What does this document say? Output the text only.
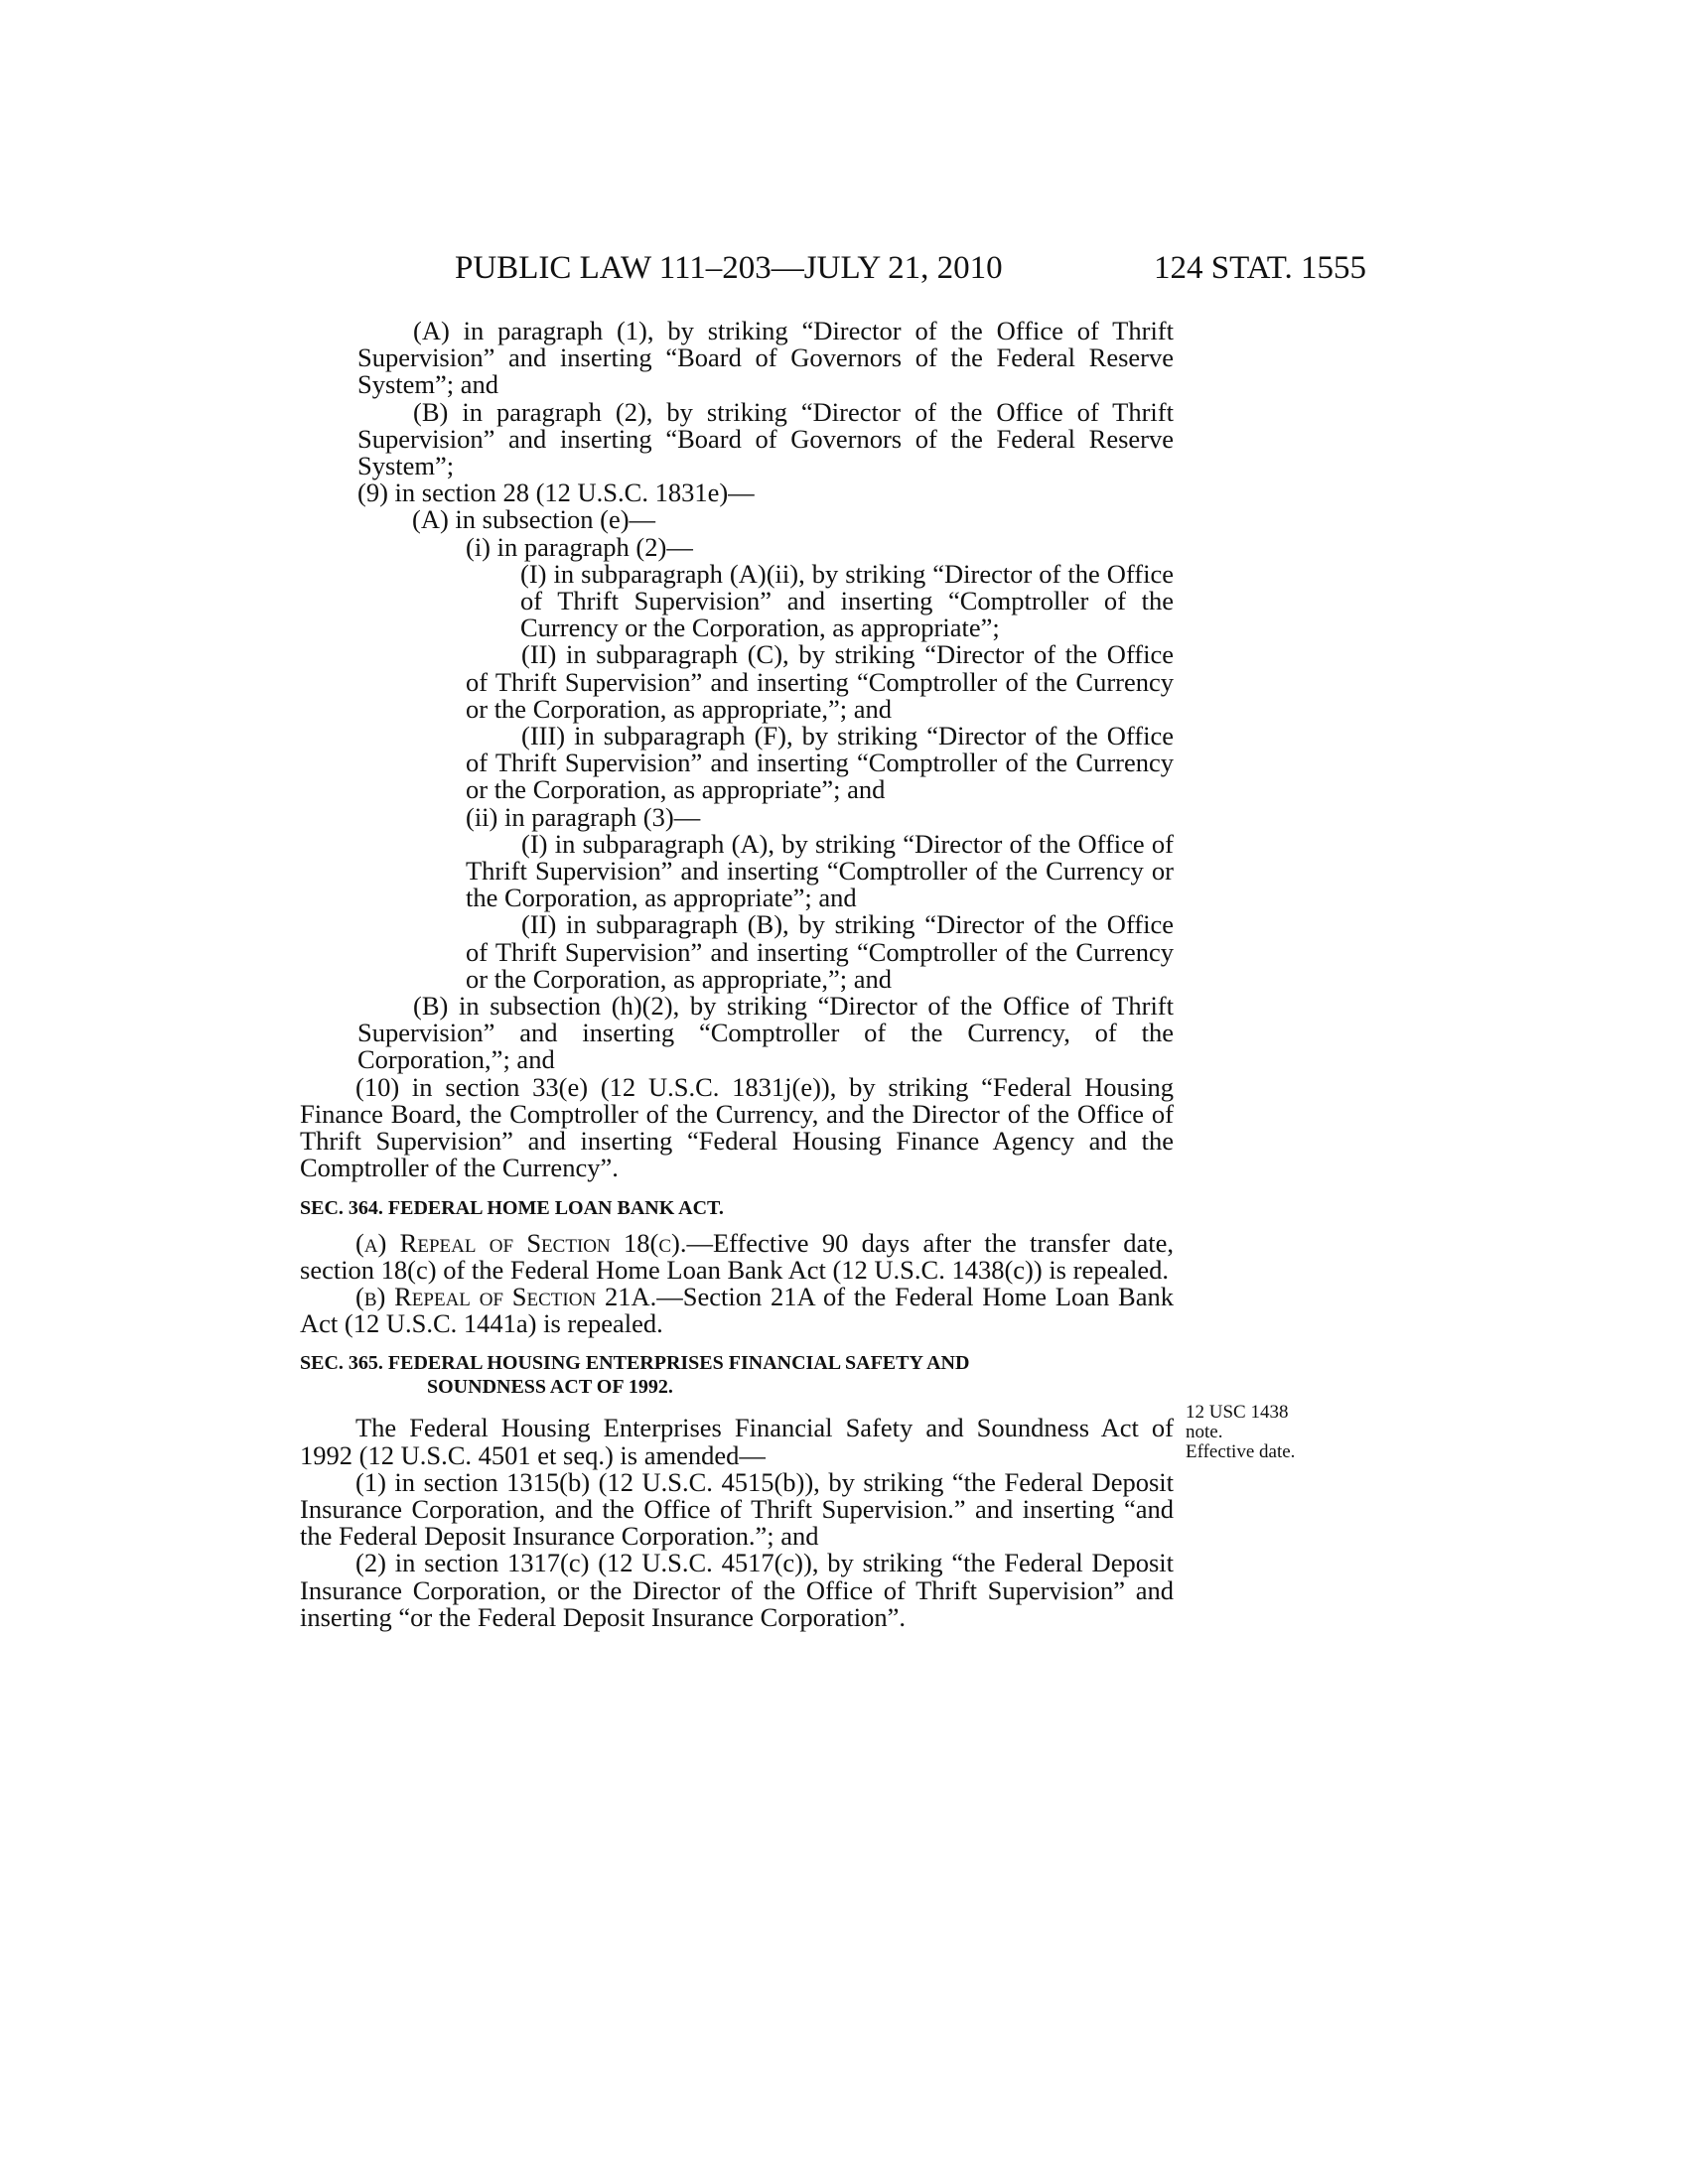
PUBLIC LAW 111–203—JULY 21, 2010	124 STAT. 1555

(A) in paragraph (1), by striking “Director of the Office of Thrift Supervision” and inserting “Board of Governors of the Federal Reserve System”; and

(B) in paragraph (2), by striking “Director of the Office of Thrift Supervision” and inserting “Board of Governors of the Federal Reserve System”;

(9) in section 28 (12 U.S.C. 1831e)—

(A) in subsection (e)—

(i) in paragraph (2)—

(I) in subparagraph (A)(ii), by striking “Director of the Office of Thrift Supervision” and inserting “Comptroller of the Currency or the Corporation, as appropriate”;

(II) in subparagraph (C), by striking “Director of the Office of Thrift Supervision” and inserting “Comptroller of the Currency or the Corporation, as appropriate,”; and

(III) in subparagraph (F), by striking “Director of the Office of Thrift Supervision” and inserting “Comptroller of the Currency or the Corporation, as appropriate”; and

(ii) in paragraph (3)—

(I) in subparagraph (A), by striking “Director of the Office of Thrift Supervision” and inserting “Comptroller of the Currency or the Corporation, as appropriate”; and

(II) in subparagraph (B), by striking “Director of the Office of Thrift Supervision” and inserting “Comptroller of the Currency or the Corporation, as appropriate,”; and

(B) in subsection (h)(2), by striking “Director of the Office of Thrift Supervision” and inserting “Comptroller of the Currency, of the Corporation,”; and

(10) in section 33(e) (12 U.S.C. 1831j(e)), by striking “Federal Housing Finance Board, the Comptroller of the Currency, and the Director of the Office of Thrift Supervision” and inserting “Federal Housing Finance Agency and the Comptroller of the Currency”.

SEC. 364. FEDERAL HOME LOAN BANK ACT.

(a) Repeal of Section 18(c).—Effective 90 days after the transfer date, section 18(c) of the Federal Home Loan Bank Act (12 U.S.C. 1438(c)) is repealed.

(b) Repeal of Section 21A.—Section 21A of the Federal Home Loan Bank Act (12 U.S.C. 1441a) is repealed.

SEC. 365. FEDERAL HOUSING ENTERPRISES FINANCIAL SAFETY AND
SOUNDNESS ACT OF 1992.

The Federal Housing Enterprises Financial Safety and Soundness Act of 1992 (12 U.S.C. 4501 et seq.) is amended—

(1) in section 1315(b) (12 U.S.C. 4515(b)), by striking “the Federal Deposit Insurance Corporation, and the Office of Thrift Supervision.” and inserting “and the Federal Deposit Insurance Corporation.”; and

(2) in section 1317(c) (12 U.S.C. 4517(c)), by striking “the Federal Deposit Insurance Corporation, or the Director of the Office of Thrift Supervision” and inserting “or the Federal Deposit Insurance Corporation”.

12 USC 1438
note.
Effective date.
